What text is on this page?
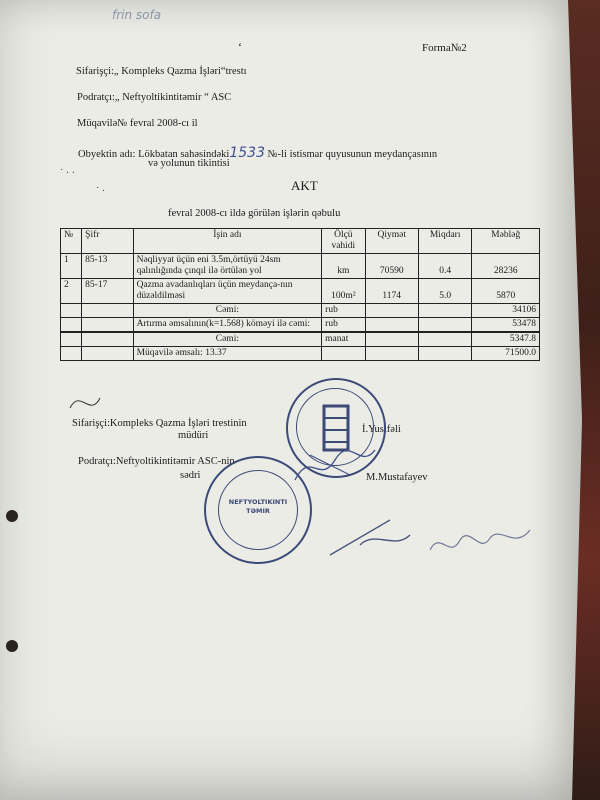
frin sofa
Forma№2
‘
Sifarişçi:„ Kompleks Qazma İşləri“trestı
Podratçı:„ Neftyoltikintitəmir “ ASC
Müqavilə№ fevral 2008-cı il
Obyektin adı: Lökbatan sahəsindəki1533 №-li istismar quyusunun meydançasının
və yolunun tikintisi
˙ · ·
˙ ·	AKT
fevral 2008-cı ildə görülən işlərin qəbulu
№	Şifr	İşin adı	Ölçü vahidi	Qiymət	Miqdarı	Məbləğ
1	85-13	Nəqliyyat üçün eni 3.5m,örtüyü 24sm qalınlığında çınqıl ilə örtülən yol	km	70590	0.4	28236
2	85-17	Qazma avadanlıqları üçün meydança-nın düzəldilməsi	100m²	1174	5.0	5870
		Cəmi:	rub			34106
		Artırma əmsalının(k=1.568) köməyi ilə cəmi:	rub			53478
		Cəmi:	manat			5347.8
		Müqavilə əmsalı: 13.37				71500.0
Sifarişçi:Kompleks Qazma İşləri trestinin
müdüri
İ.Yusifəli
Podratçı:Neftyoltikintitəmir ASC-nin
sədri	M.Mustafayev
NEFTYOLTIKINTI TƏMIR
